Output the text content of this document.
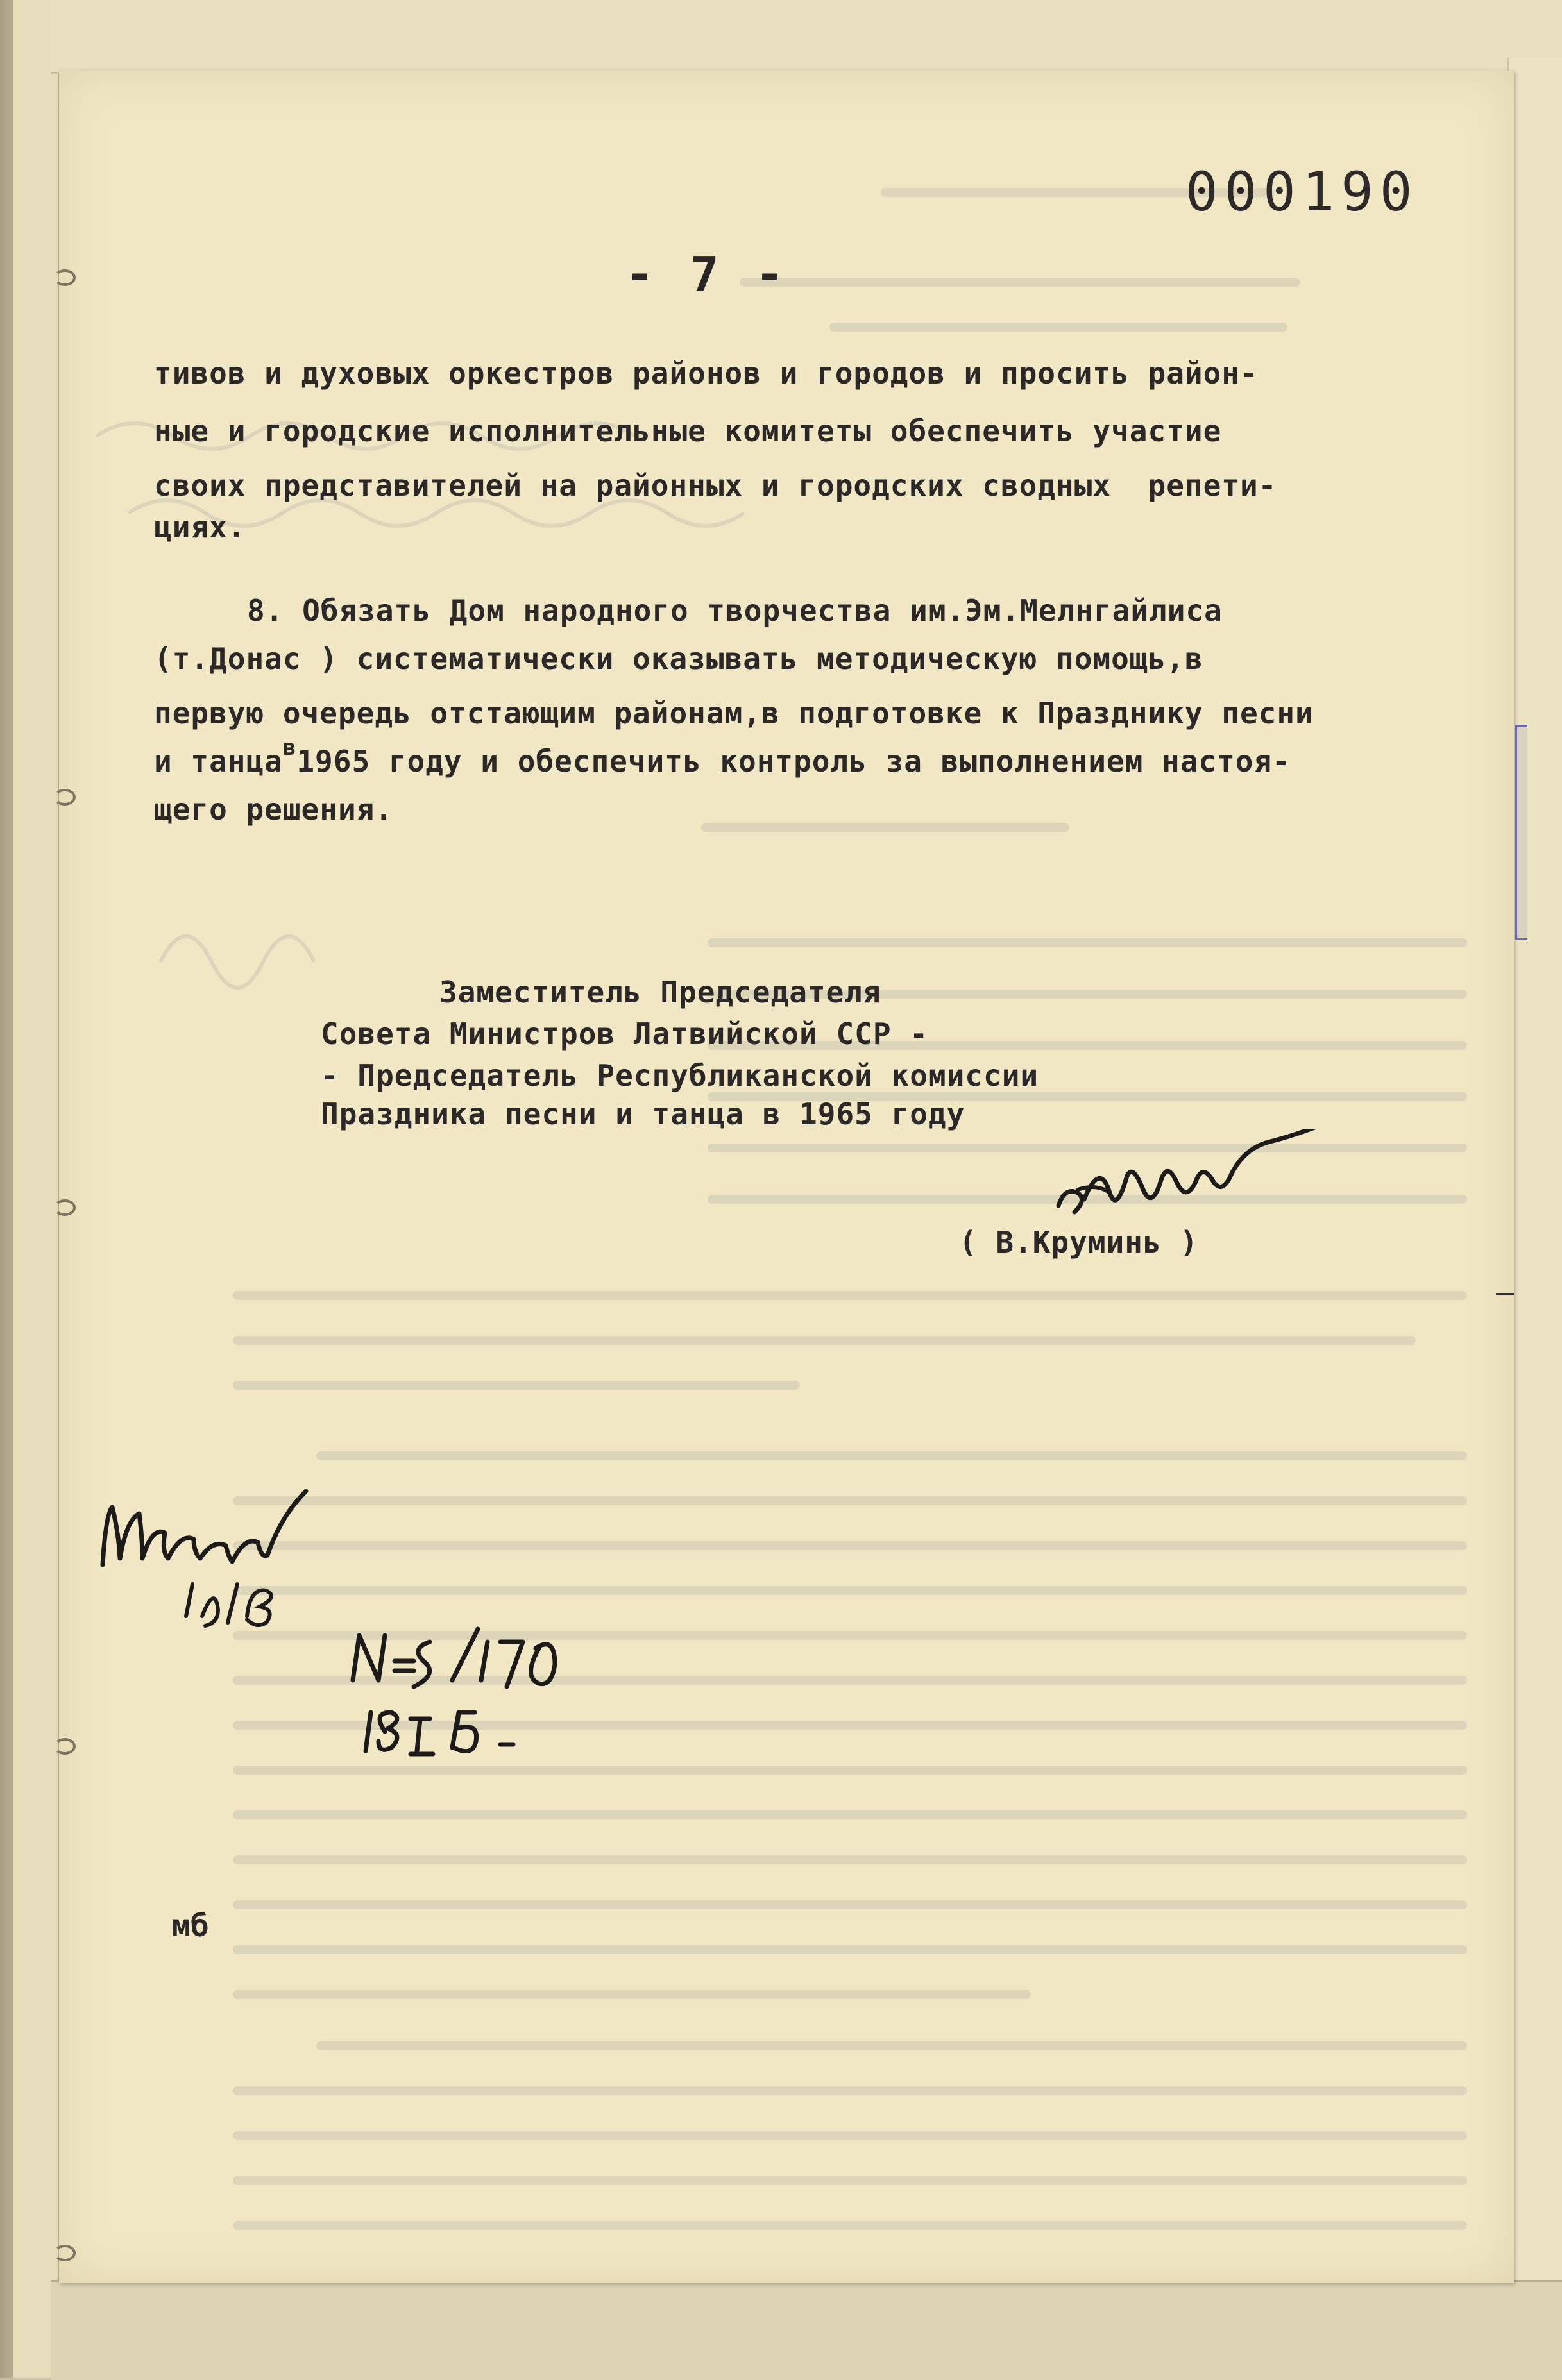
000190
- 7 -
тивов и духовых оркестров районов и городов и просить район-
ные и городские исполнительные комитеты обеспечить участие
своих представителей на районных и городских сводных  репети-
циях.
8. Обязать Дом народного творчества им.Эм.Мелнгайлиса
(т.Донас ) систематически оказывать методическую помощь,в
первую очередь отстающим районам,в подготовке к Празднику песни
и танца$^в$1965 году и обеспечить контроль за выполнением настоя-
щего решения.
Заместитель Председателя
Совета Министров Латвийской ССР -
- Председатель Республиканской комиссии
Праздника песни и танца в 1965 году
( В.Круминь )
мб
